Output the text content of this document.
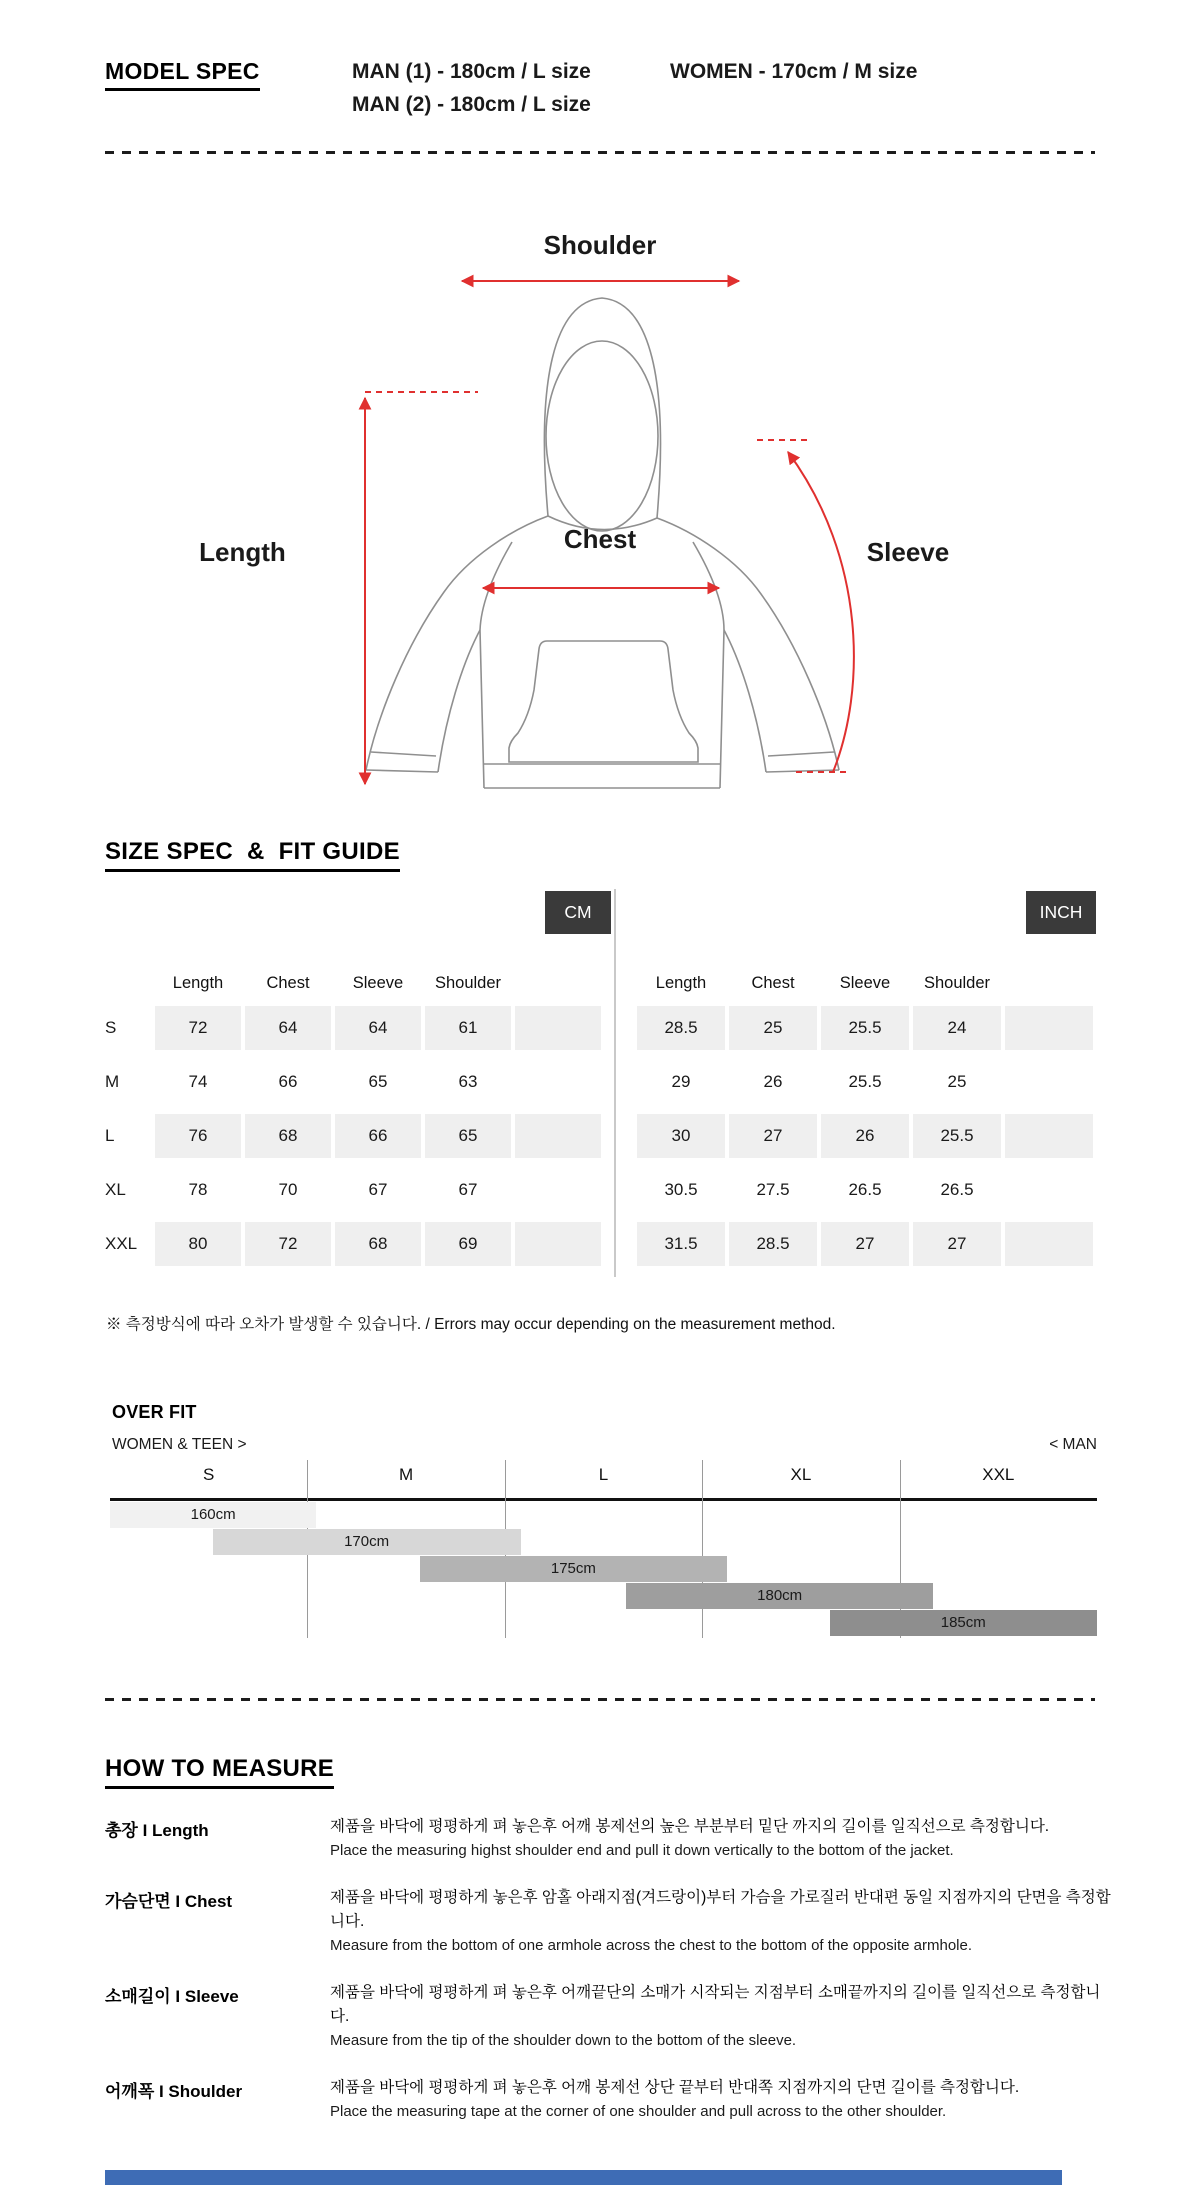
MODEL SPEC	MAN (1) - 180cm / L size
MAN (2) - 180cm / L size
WOMEN - 170cm / M size
Shoulder
Length	Chest	Sleeve
SIZE SPEC  &  FIT GUIDE
CM	INCH
Length	Chest	Sleeve	Shoulder
S	72	64	64	61
M	74	66	65	63
L	76	68	66	65
XL	78	70	67	67
XXL	80	72	68	69
Length	Chest	Sleeve	Shoulder
28.5	25	25.5	24
29	26	25.5	25
30	27	26	25.5
30.5	27.5	26.5	26.5
31.5	28.5	27	27
※ 측정방식에 따라 오차가 발생할 수 있습니다. / Errors may occur depending on the measurement method.
OVER FIT
WOMEN & TEEN >	< MAN
S	M	L	XL	XXL
160cm
170cm
175cm
180cm
185cm
HOW TO MEASURE
총장 I Length	제품을 바닥에 평평하게 펴 놓은후 어깨 봉제선의 높은 부분부터 밑단 까지의 길이를 일직선으로 측정합니다.
Place the measuring highst shoulder end and pull it down vertically to the bottom of the jacket.
가슴단면 I Chest	제품을 바닥에 평평하게 놓은후 암홀 아래지점(겨드랑이)부터 가슴을 가로질러 반대편 동일 지점까지의 단면을 측정합니다.
Measure from the bottom of one armhole across the chest to the bottom of the opposite armhole.
소매길이 I Sleeve	제품을 바닥에 평평하게 펴 놓은후 어깨끝단의 소매가 시작되는 지점부터 소매끝까지의 길이를 일직선으로 측정합니다.
Measure from the tip of the shoulder down to the bottom of the sleeve.
어깨폭 I Shoulder	제품을 바닥에 평평하게 펴 놓은후 어깨 봉제선 상단 끝부터 반대쪽 지점까지의 단면 길이를 측정합니다.
Place the measuring tape at the corner of one shoulder and pull across to the other shoulder.
